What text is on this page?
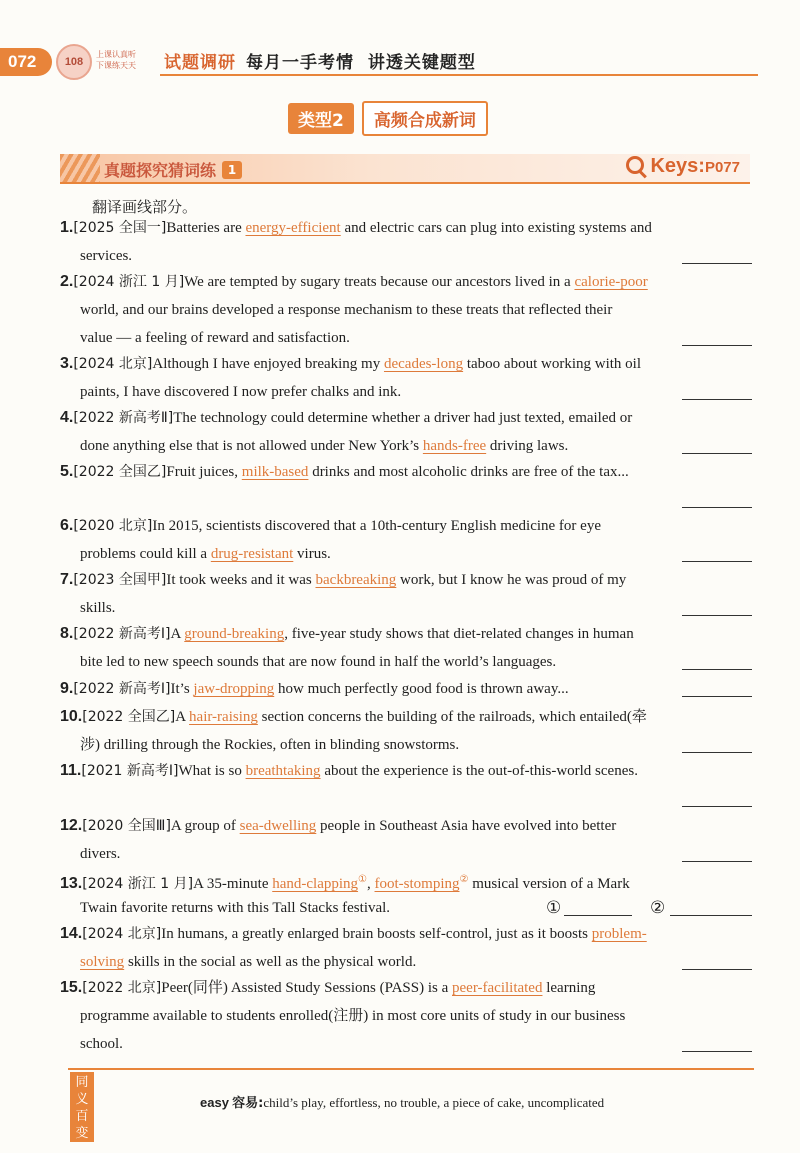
072	108
上课认真听
下课练天天	试题调研 每月一手考情  讲透关键题型
类型2	高频合成新词
真题探究猜词练 1	Keys:P077
翻译画线部分。
1.[2025 全国一]Batteries are energy-efficient and electric cars can plug into existing systems and
services.
2.[2024 浙江 1 月]We are tempted by sugary treats because our ancestors lived in a calorie-poor
world, and our brains developed a response mechanism to these treats that reflected their
value — a feeling of reward and satisfaction.
3.[2024 北京]Although I have enjoyed breaking my decades-long taboo about working with oil
paints, I have discovered I now prefer chalks and ink.
4.[2022 新高考Ⅱ]The technology could determine whether a driver had just texted, emailed or
done anything else that is not allowed under New York’s hands-free driving laws.
5.[2022 全国乙]Fruit juices, milk-based drinks and most alcoholic drinks are free of the tax...
6.[2020 北京]In 2015, scientists discovered that a 10th-century English medicine for eye
problems could kill a drug-resistant virus.
7.[2023 全国甲]It took weeks and it was backbreaking work, but I know he was proud of my
skills.
8.[2022 新高考Ⅰ]A ground-breaking, five-year study shows that diet-related changes in human
bite led to new speech sounds that are now found in half the world’s languages.
9.[2022 新高考Ⅰ]It’s jaw-dropping how much perfectly good food is thrown away...
10.[2022 全国乙]A hair-raising section concerns the building of the railroads, which entailed(牵
涉) drilling through the Rockies, often in blinding snowstorms.
11.[2021 新高考Ⅰ]What is so breathtaking about the experience is the out-of-this-world scenes.
12.[2020 全国Ⅲ]A group of sea-dwelling people in Southeast Asia have evolved into better
divers.
13.[2024 浙江 1 月]A 35-minute hand-clapping①, foot-stomping② musical version of a Mark
Twain favorite returns with this Tall Stacks festival.	①	②
14.[2024 北京]In humans, a greatly enlarged brain boosts self-control, just as it boosts problem-
solving skills in the social as well as the physical world.
15.[2022 北京]Peer(同伴) Assisted Study Sessions (PASS) is a peer-facilitated learning
programme available to students enrolled(注册) in most core units of study in our business
school.
同
义
百
变
easy 容易:child’s play, effortless, no trouble, a piece of cake, uncomplicated
